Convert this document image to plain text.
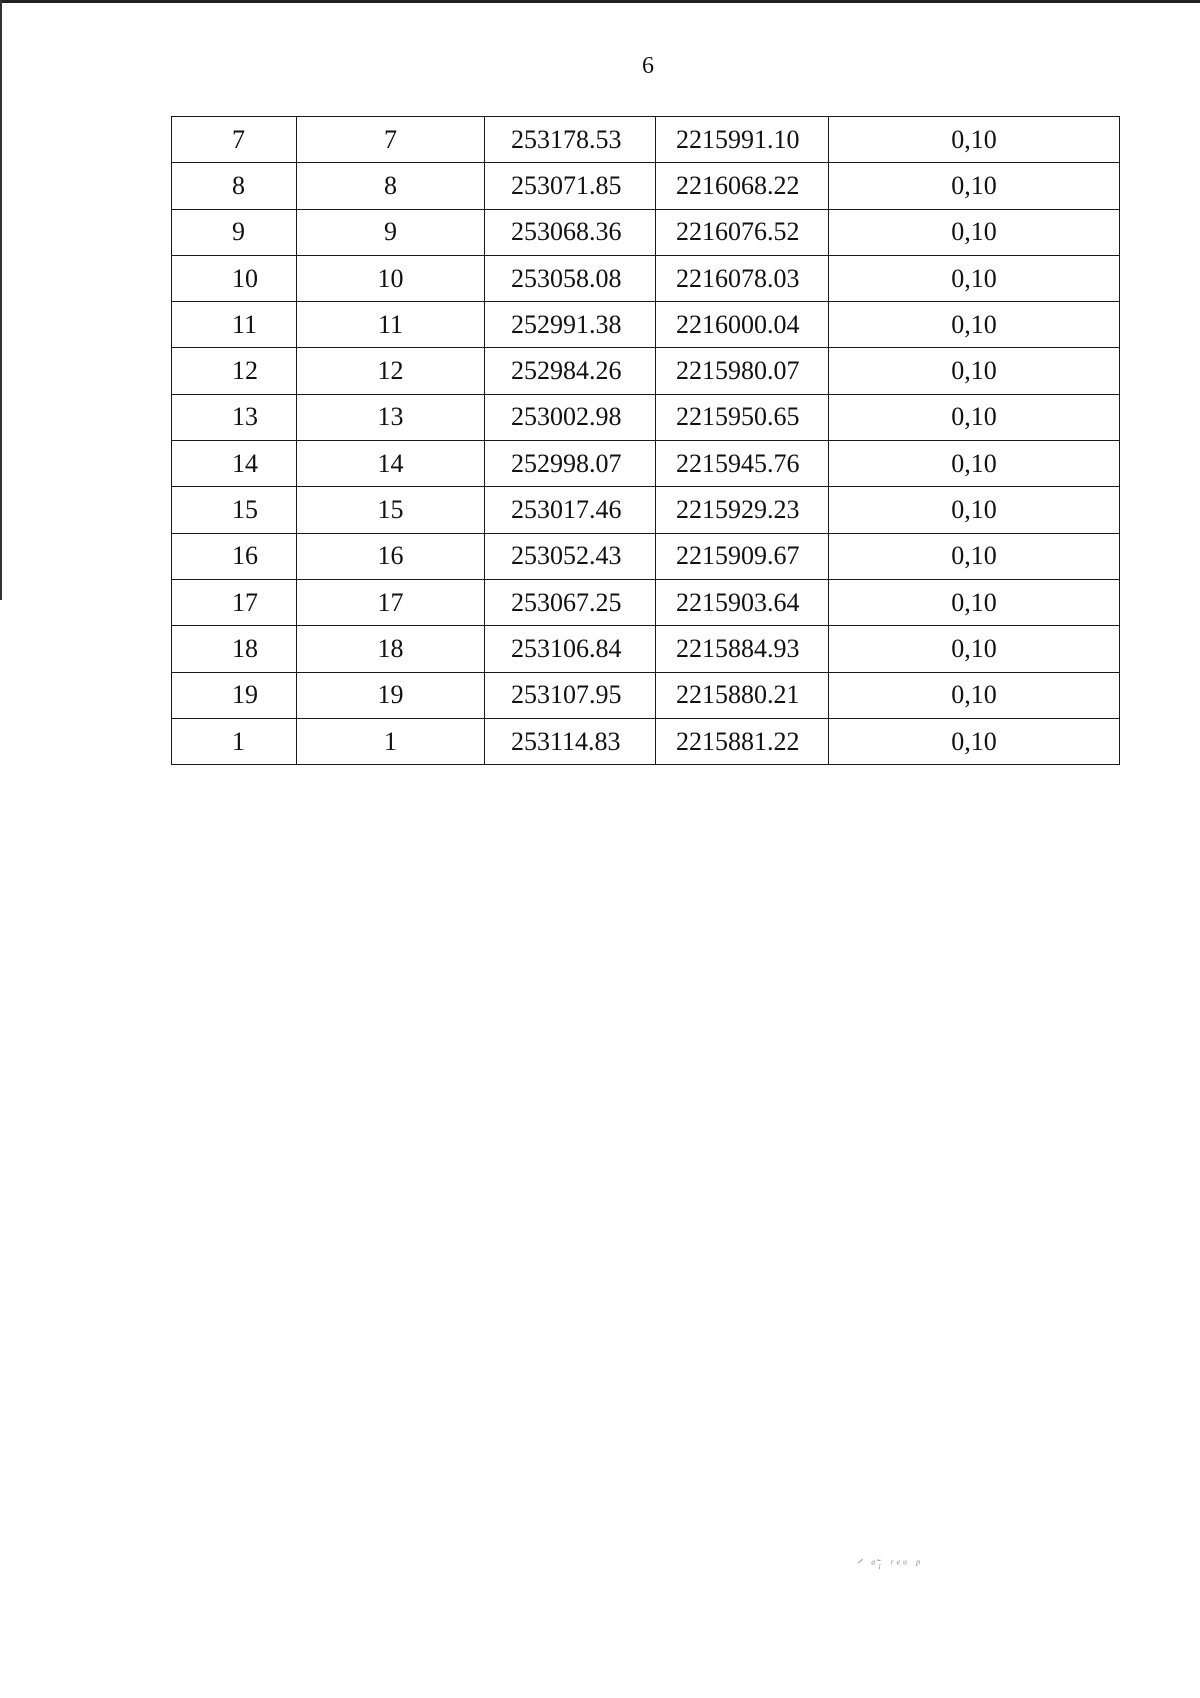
6
7	7	253178.53	2215991.10	0,10
8	8	253071.85	2216068.22	0,10
9	9	253068.36	2216076.52	0,10
10	10	253058.08	2216078.03	0,10
11	11	252991.38	2216000.04	0,10
12	12	252984.26	2215980.07	0,10
13	13	253002.98	2215950.65	0,10
14	14	252998.07	2215945.76	0,10
15	15	253017.46	2215929.23	0,10
16	16	253052.43	2215909.67	0,10
17	17	253067.25	2215903.64	0,10
18	18	253106.84	2215884.93	0,10
19	19	253107.95	2215880.21	0,10
1	1	253114.83	2215881.22	0,10
ᐟ ᵃ̃ᵢ ʳᵉᵘ ᵖ
